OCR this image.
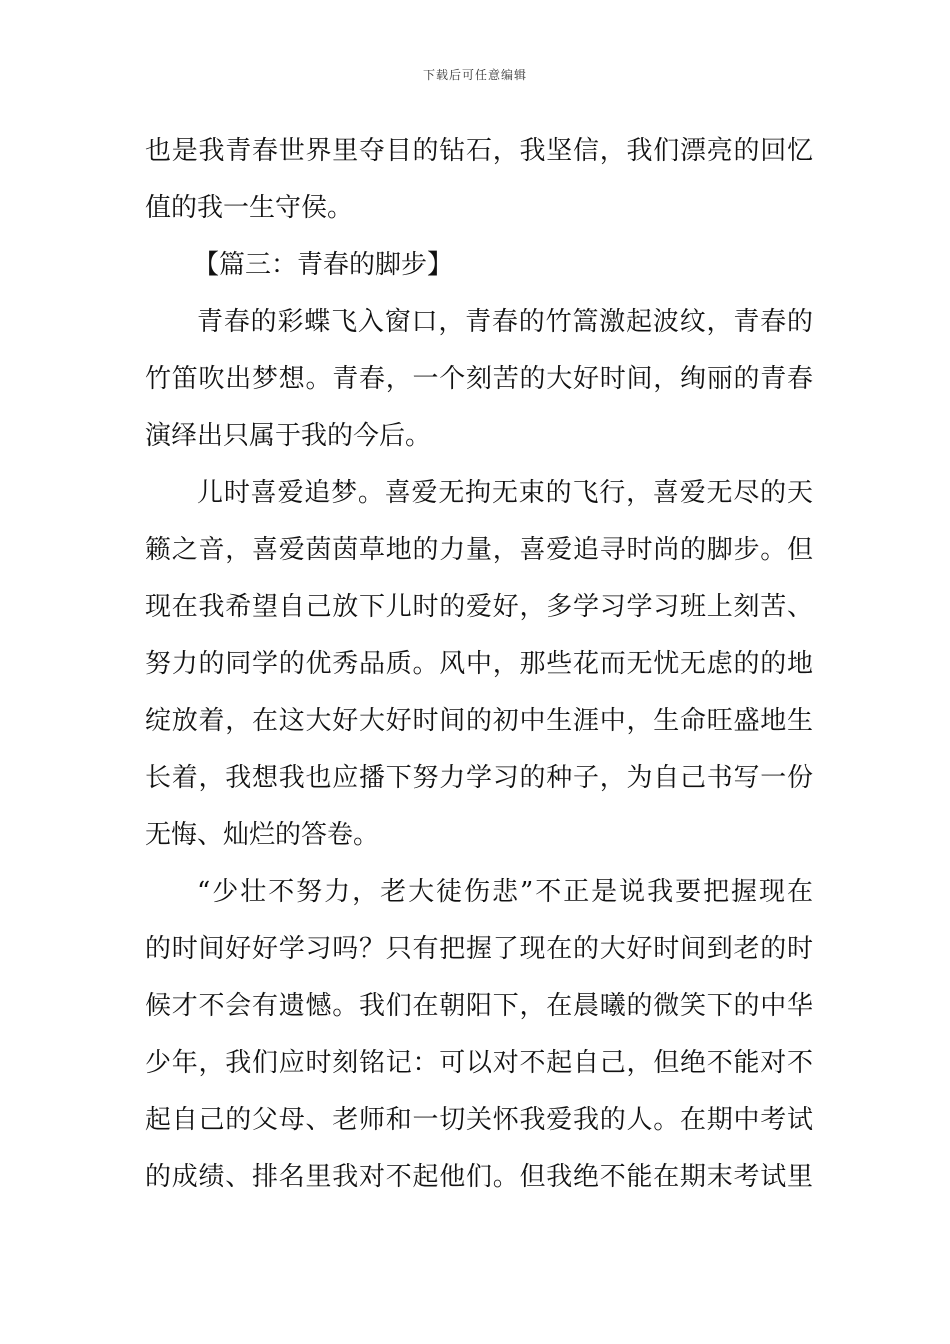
下载后可任意编辑
也是我青春世界里夺目的钻石，我坚信，我们漂亮的回忆
值的我一生守侯。
【篇三：青春的脚步】
青春的彩蝶飞入窗口，青春的竹篙激起波纹，青春的
竹笛吹出梦想。青春，一个刻苦的大好时间，绚丽的青春
演绎出只属于我的今后。
儿时喜爱追梦。喜爱无拘无束的飞行，喜爱无尽的天
籁之音，喜爱茵茵草地的力量，喜爱追寻时尚的脚步。但
现在我希望自己放下儿时的爱好，多学习学习班上刻苦、
努力的同学的优秀品质。风中，那些花而无忧无虑的的地
绽放着，在这大好大好时间的初中生涯中，生命旺盛地生
长着，我想我也应播下努力学习的种子，为自己书写一份
无悔、灿烂的答卷。
“少壮不努力，老大徒伤悲”不正是说我要把握现在
的时间好好学习吗？只有把握了现在的大好时间到老的时
候才不会有遗憾。我们在朝阳下，在晨曦的微笑下的中华
少年，我们应时刻铭记：可以对不起自己，但绝不能对不
起自己的父母、老师和一切关怀我爱我的人。在期中考试
的成绩、排名里我对不起他们。但我绝不能在期末考试里
